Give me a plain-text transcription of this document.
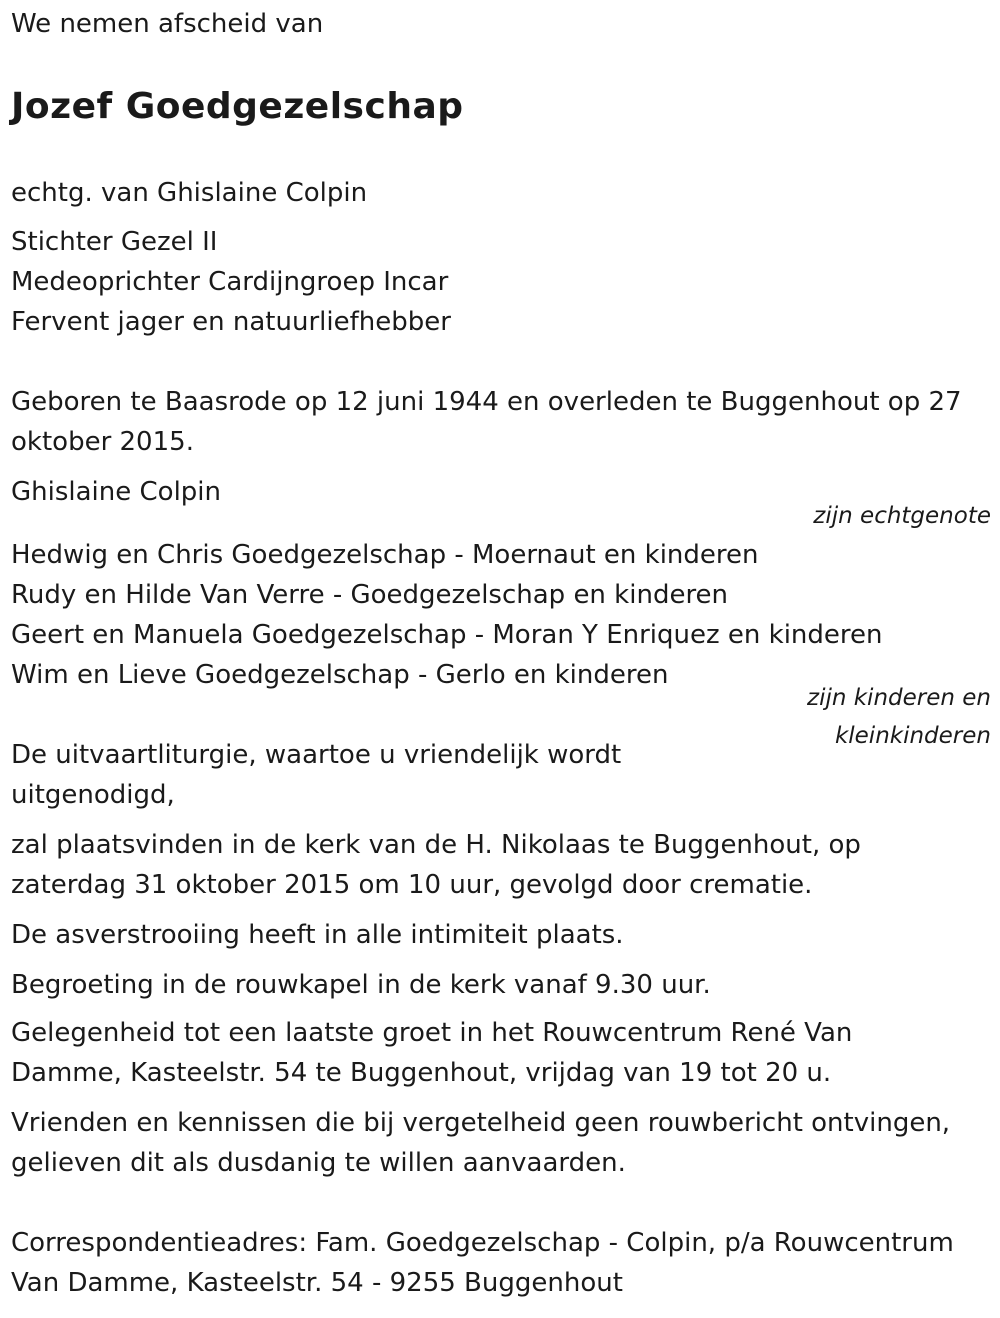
We nemen afscheid van
Jozef Goedgezelschap
echtg. van Ghislaine Colpin
Stichter Gezel II
Medeoprichter Cardijngroep Incar
Fervent jager en natuurliefhebber
Geboren te Baasrode op 12 juni 1944 en overleden te Buggenhout op 27 oktober 2015.
Ghislaine Colpin
zijn echtgenote
Hedwig en Chris Goedgezelschap - Moernaut en kinderen
Rudy en Hilde Van Verre - Goedgezelschap en kinderen
Geert en Manuela Goedgezelschap - Moran Y Enriquez en kinderen
Wim en Lieve Goedgezelschap - Gerlo en kinderen
zijn kinderen en
kleinkinderen
De uitvaartliturgie, waartoe u vriendelijk wordt uitgenodigd,
zal plaatsvinden in de kerk van de H. Nikolaas te Buggenhout, op zaterdag 31 oktober 2015 om 10 uur, gevolgd door crematie.
De asverstrooiing heeft in alle intimiteit plaats.
Begroeting in de rouwkapel in de kerk vanaf 9.30 uur.
Gelegenheid tot een laatste groet in het Rouwcentrum René Van Damme, Kasteelstr. 54 te Buggenhout, vrijdag van 19 tot 20 u.
Vrienden en kennissen die bij vergetelheid geen rouwbericht ontvingen, gelieven dit als dusdanig te willen aanvaarden.
Correspondentieadres: Fam. Goedgezelschap - Colpin, p/a Rouwcentrum Van Damme, Kasteelstr. 54 - 9255 Buggenhout
